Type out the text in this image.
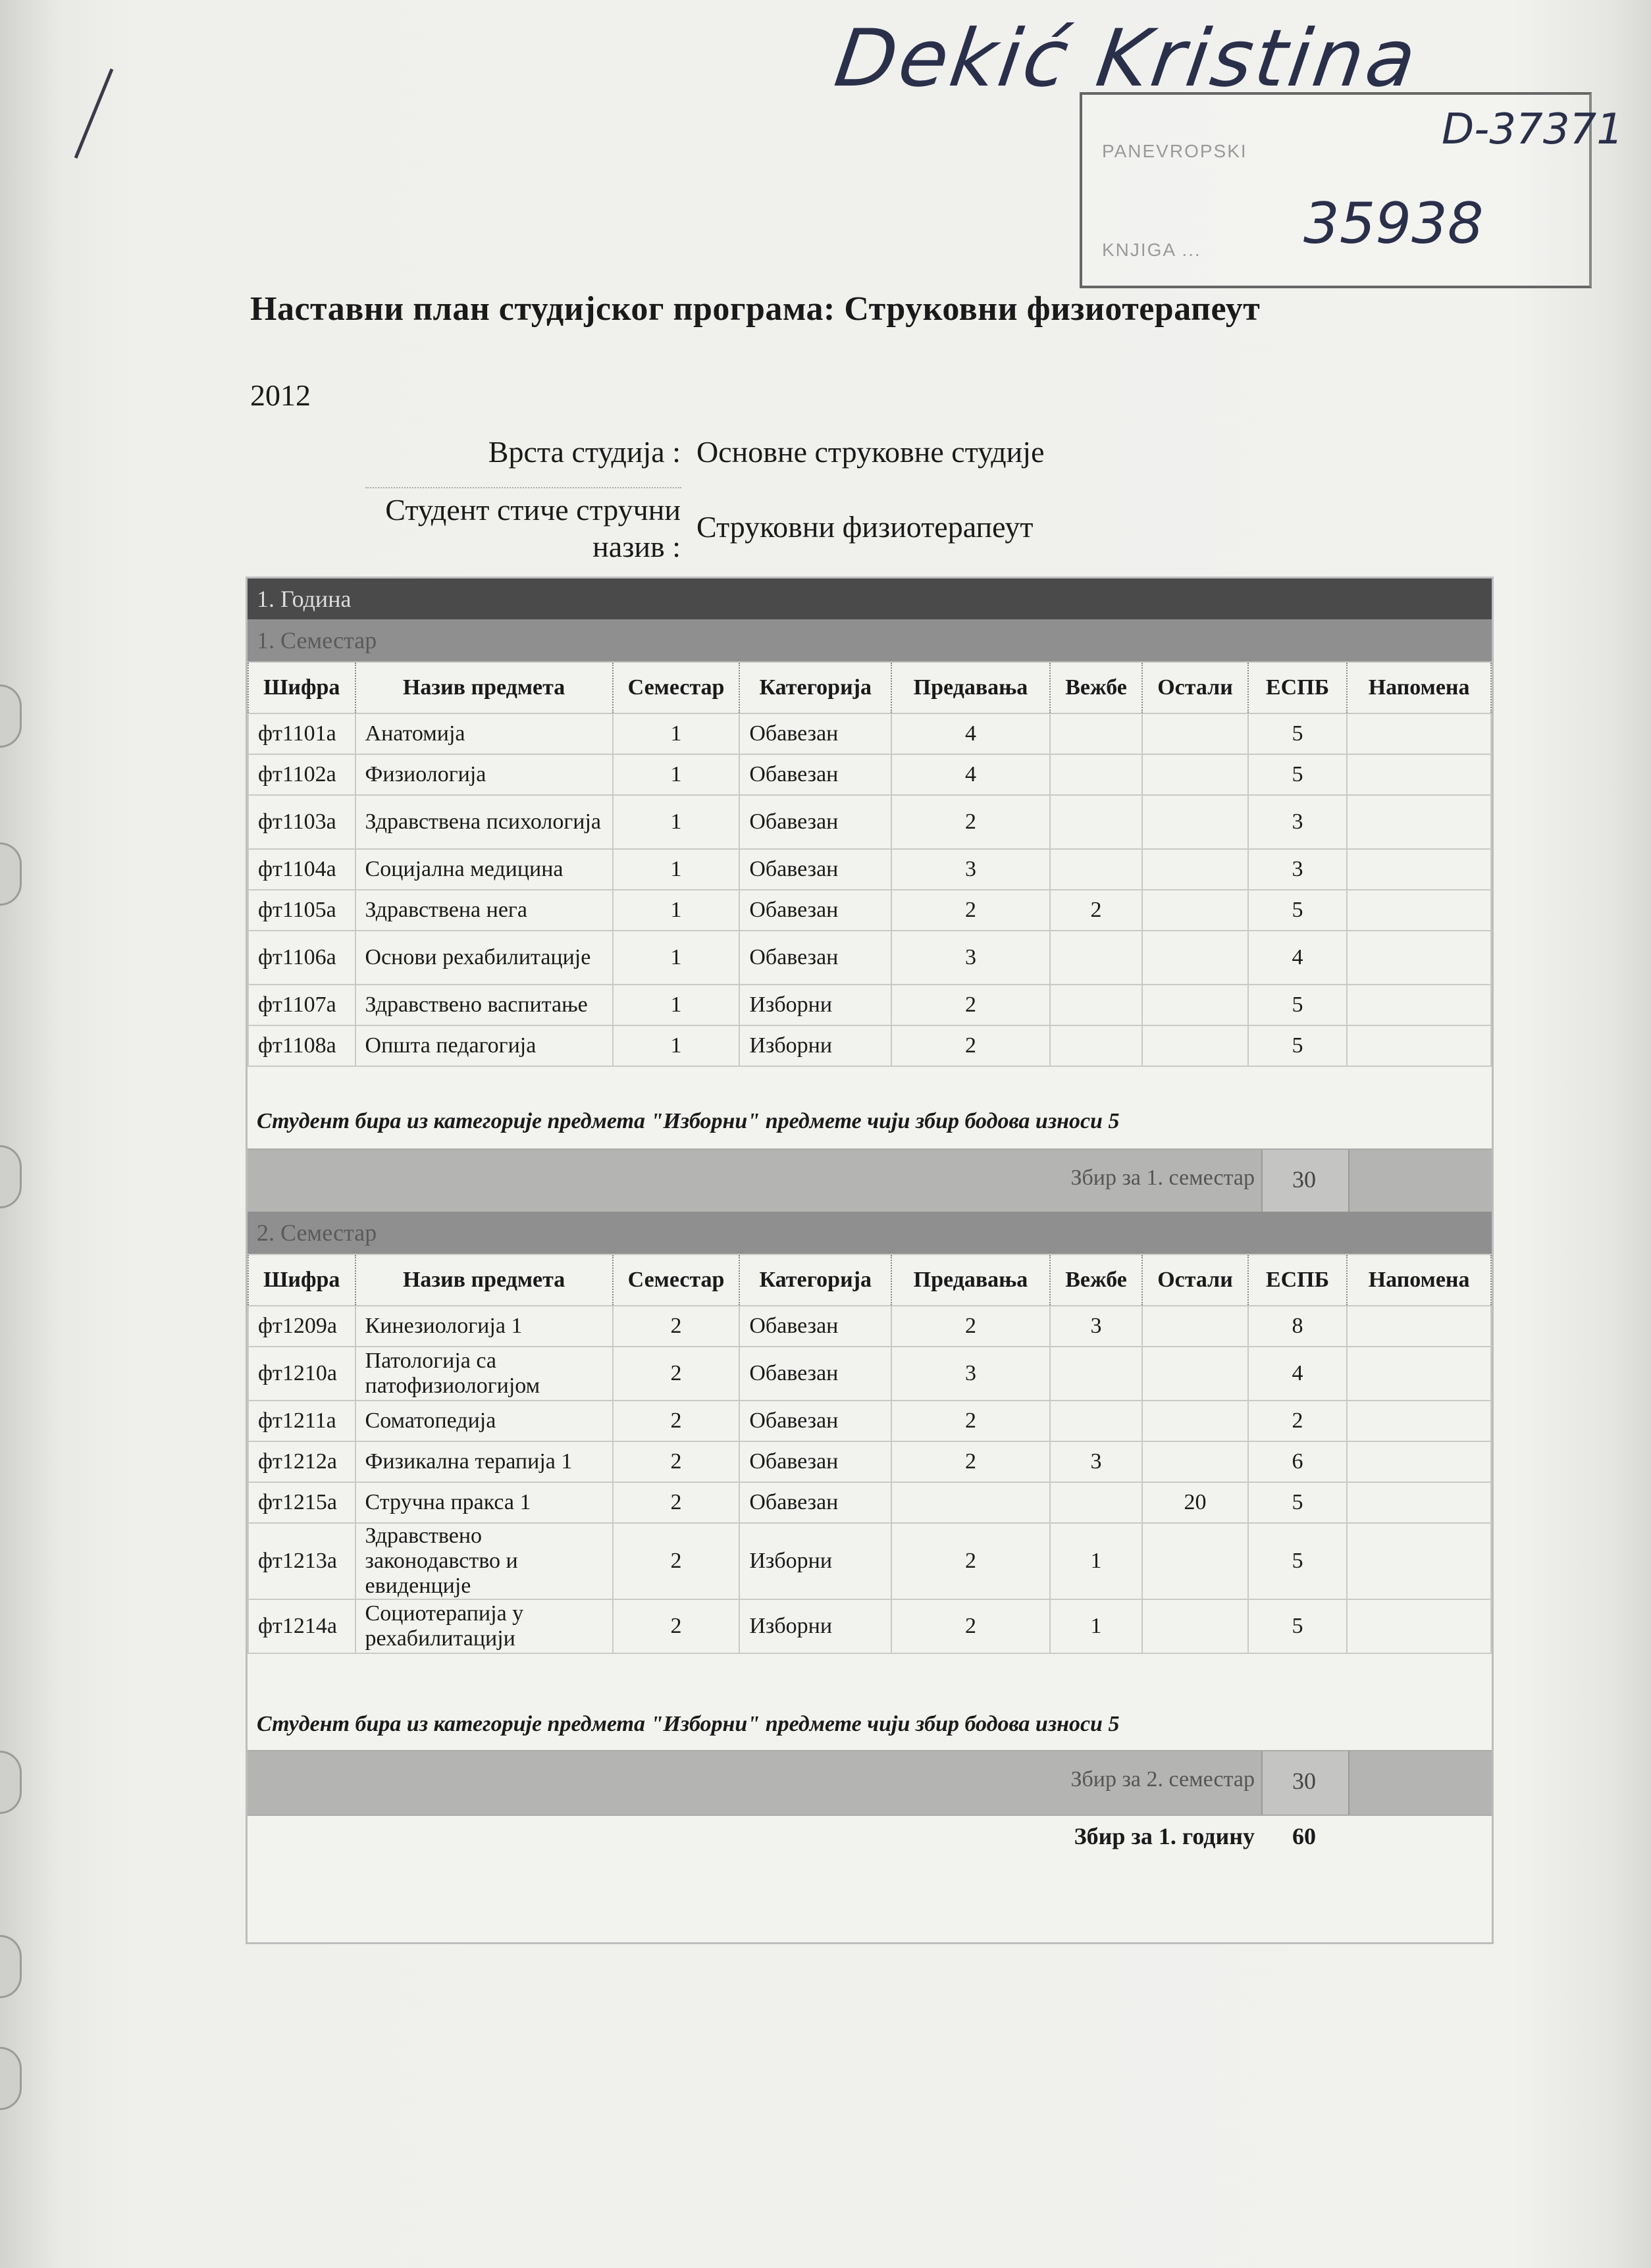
Dekić Kristina
PANEVROPSKI
KNJIGA ...
D-37371
35938
Наставни план студијског програма: Струковни физиотерапеут
2012
Врста студија : Основне струковне студије
Студент стиче стручни
назив :
Струковни физиотерапеут
1. Година
1. Семестар
Шифра	Назив предмета	Семестар	Категорија	Предавања	Вежбе	Остали	ЕСПБ	Напомена
фт1101а	Анатомија	1	Обавезан	4			5	
фт1102а	Физиологија	1	Обавезан	4			5	
фт1103а	Здравствена психологија	1	Обавезан	2			3	
фт1104а	Социјална медицина	1	Обавезан	3			3	
фт1105а	Здравствена нега	1	Обавезан	2	2		5	
фт1106а	Основи рехабилитације	1	Обавезан	3			4	
фт1107а	Здравствено васпитање	1	Изборни	2			5	
фт1108а	Општа педагогија	1	Изборни	2			5	
Студент бира из категорије предмета "Изборни" предмете чији збир бодова износи 5
Збир за 1. семестар	30
2. Семестар
Шифра	Назив предмета	Семестар	Категорија	Предавања	Вежбе	Остали	ЕСПБ	Напомена
фт1209а	Кинезиологија 1	2	Обавезан	2	3		8	
фт1210а	Патологија са патофизиологијом	2	Обавезан	3			4	
фт1211а	Соматопедија	2	Обавезан	2			2	
фт1212а	Физикална терапија 1	2	Обавезан	2	3		6	
фт1215а	Стручна пракса 1	2	Обавезан			20	5	
фт1213а	Здравствено законодавство и евиденције	2	Изборни	2	1		5	
фт1214а	Социотерапија у рехабилитацији	2	Изборни	2	1		5	
Студент бира из категорије предмета "Изборни" предмете чији збир бодова износи 5
Збир за 2. семестар	30
Збир за 1. годину	60
